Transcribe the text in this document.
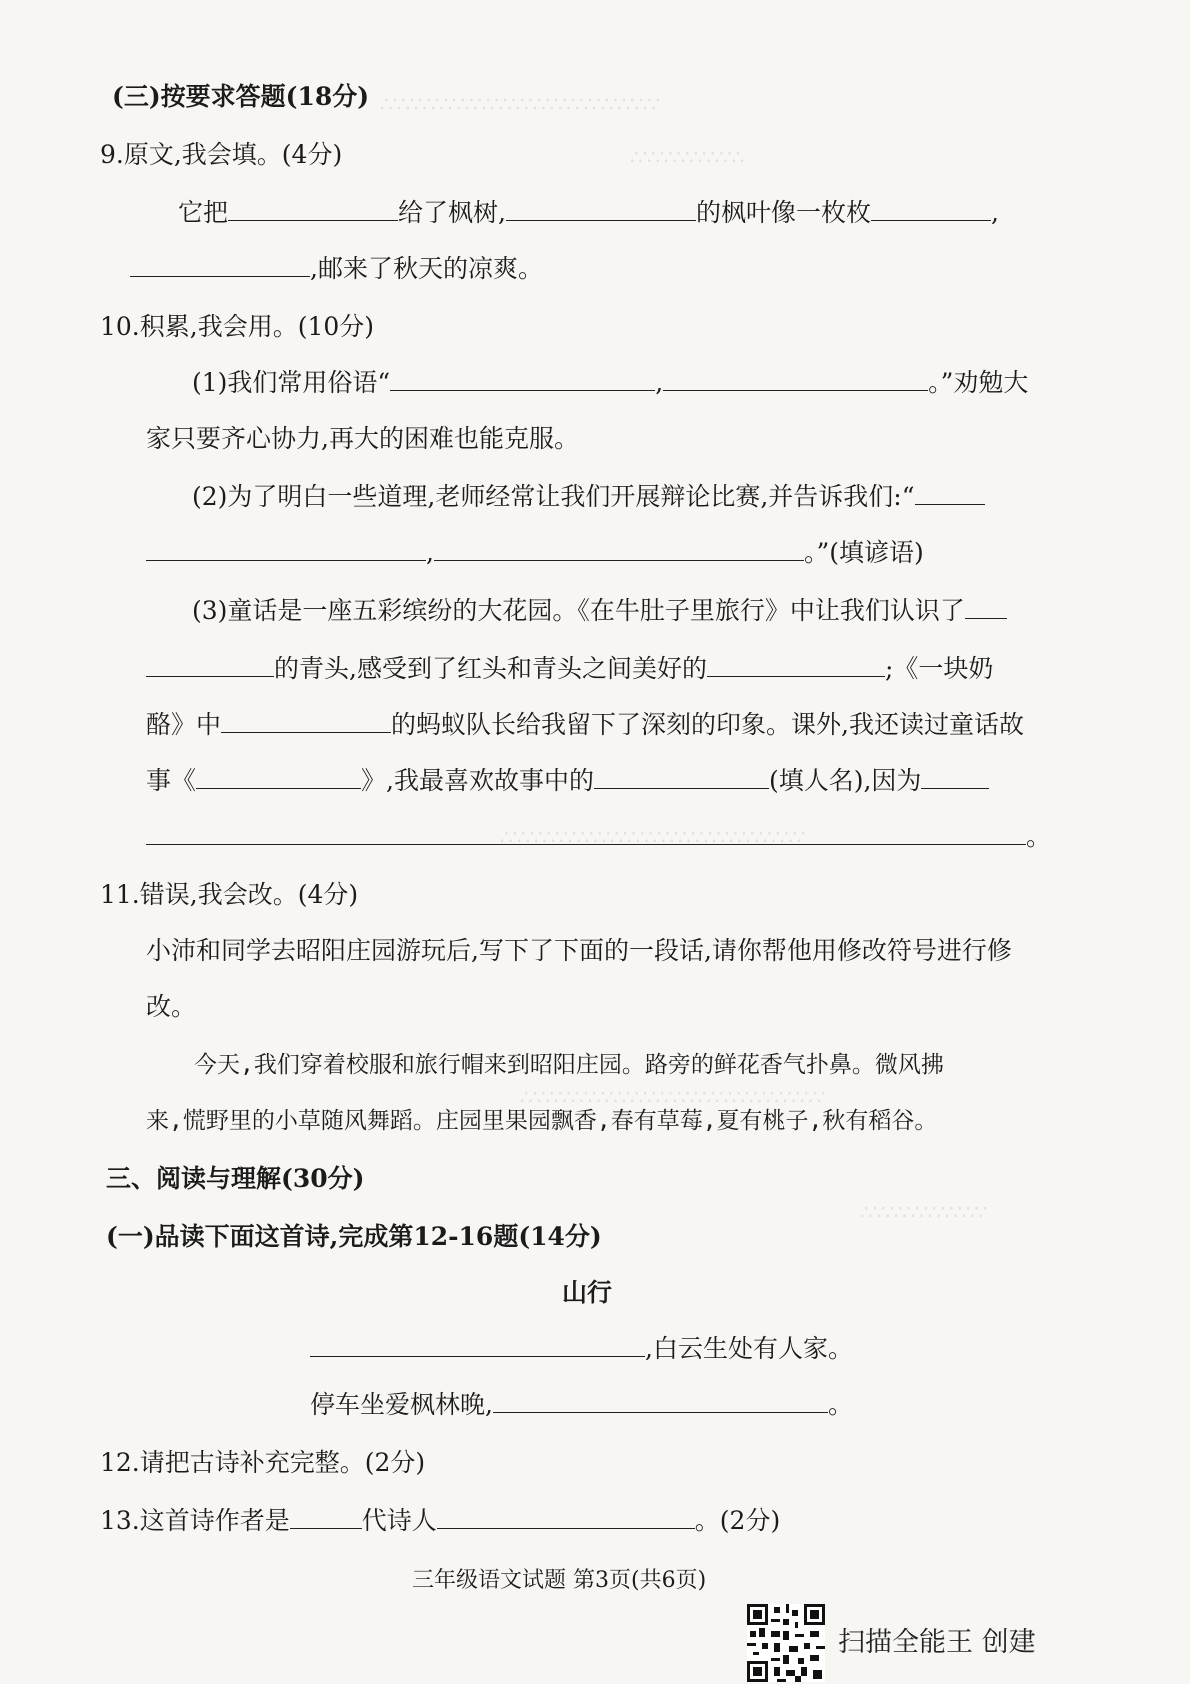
∴∵∴∵∴∵∴∵∴∵∴∵∴∵∴∵∴∵∴∵∴∵
∴∵∴∵∴∵∴∵∴
∴∵∴∵∴∵∴∵∴∵∴∵∴∵∴∵∴∵∴∵∴∵∴∵
∴∵∴∵∴∵∴∵∴∵∴∵∴∵∴∵∴∵∴∵∴∵∴∵
∴∵∴∵∴∵∴∵∴∵
(三)按要求答题(18分)
9.原文,我会填。(4分)
它把	给了枫树,	的枫叶像一枚枚	,
,邮来了秋天的凉爽。
10.积累,我会用。(10分)
(1)我们常用俗语“	,	。”劝勉大
家只要齐心协力,再大的困难也能克服。
(2)为了明白一些道理,老师经常让我们开展辩论比赛,并告诉我们:“
,	。”(填谚语)
(3)童话是一座五彩缤纷的大花园。《在牛肚子里旅行》中让我们认识了
的青头,感受到了红头和青头之间美好的	;《一块奶
酪》中	的蚂蚁队长给我留下了深刻的印象。课外,我还读过童话故
事《	》,我最喜欢故事中的	(填人名),因为
。
11.错误,我会改。(4分)
小沛和同学去昭阳庄园游玩后,写下了下面的一段话,请你帮他用修改符号进行修
改。
今天,我们穿着校服和旅行帽来到昭阳庄园。路旁的鲜花香气扑鼻。微风拂
来,慌野里的小草随风舞蹈。庄园里果园飘香,春有草莓,夏有桃子,秋有稻谷。
三、阅读与理解(30分)
(一)品读下面这首诗,完成第12-16题(14分)
山行
,白云生处有人家。
停车坐爱枫林晚,	。
12.请把古诗补充完整。(2分)
13.这首诗作者是	代诗人	。(2分)
三年级语文试题 第3页(共6页)
扫描全能王 创建
